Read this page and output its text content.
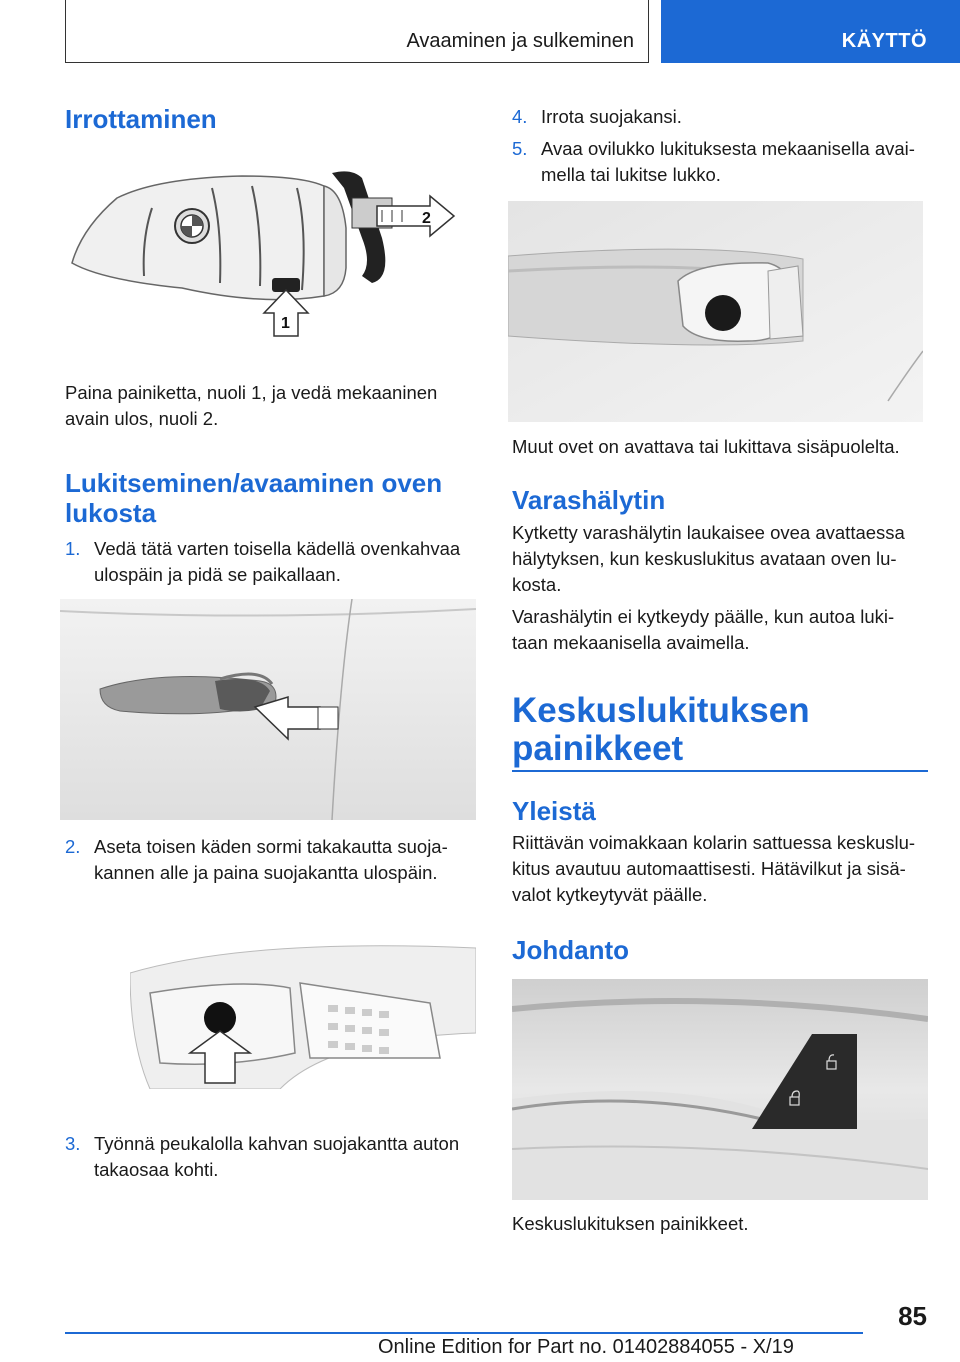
Avaaminen ja sulkeminen	KÄYTTÖ
Irrottaminen
2
1
Paina painiketta, nuoli 1, ja vedä mekaaninen
avain ulos, nuoli 2.
Lukitseminen/avaaminen oven
lukosta
1. Vedä tätä varten toisella kädellä ovenkahvaa
ulospäin ja pidä se paikallaan.
2. Aseta toisen käden sormi takakautta suoja-
kannen alle ja paina suojakantta ulospäin.
3. Työnnä peukalolla kahvan suojakantta auton
takaosaa kohti.
4. Irrota suojakansi.
5. Avaa ovilukko lukituksesta mekaanisella avai-
mella tai lukitse lukko.
Muut ovet on avattava tai lukittava sisäpuolelta.
Varashälytin
Kytketty varashälytin laukaisee ovea avattaessa
hälytyksen, kun keskuslukitus avataan oven lu-
kosta.
Varashälytin ei kytkeydy päälle, kun autoa luki-
taan mekaanisella avaimella.
Keskuslukituksen
painikkeet
Yleistä
Riittävän voimakkaan kolarin sattuessa keskuslu-
kitus avautuu automaattisesti. Hätävilkut ja sisä-
valot kytkeytyvät päälle.
Johdanto
Keskuslukituksen painikkeet.
85
Online Edition for Part no. 01402884055 - X/19
